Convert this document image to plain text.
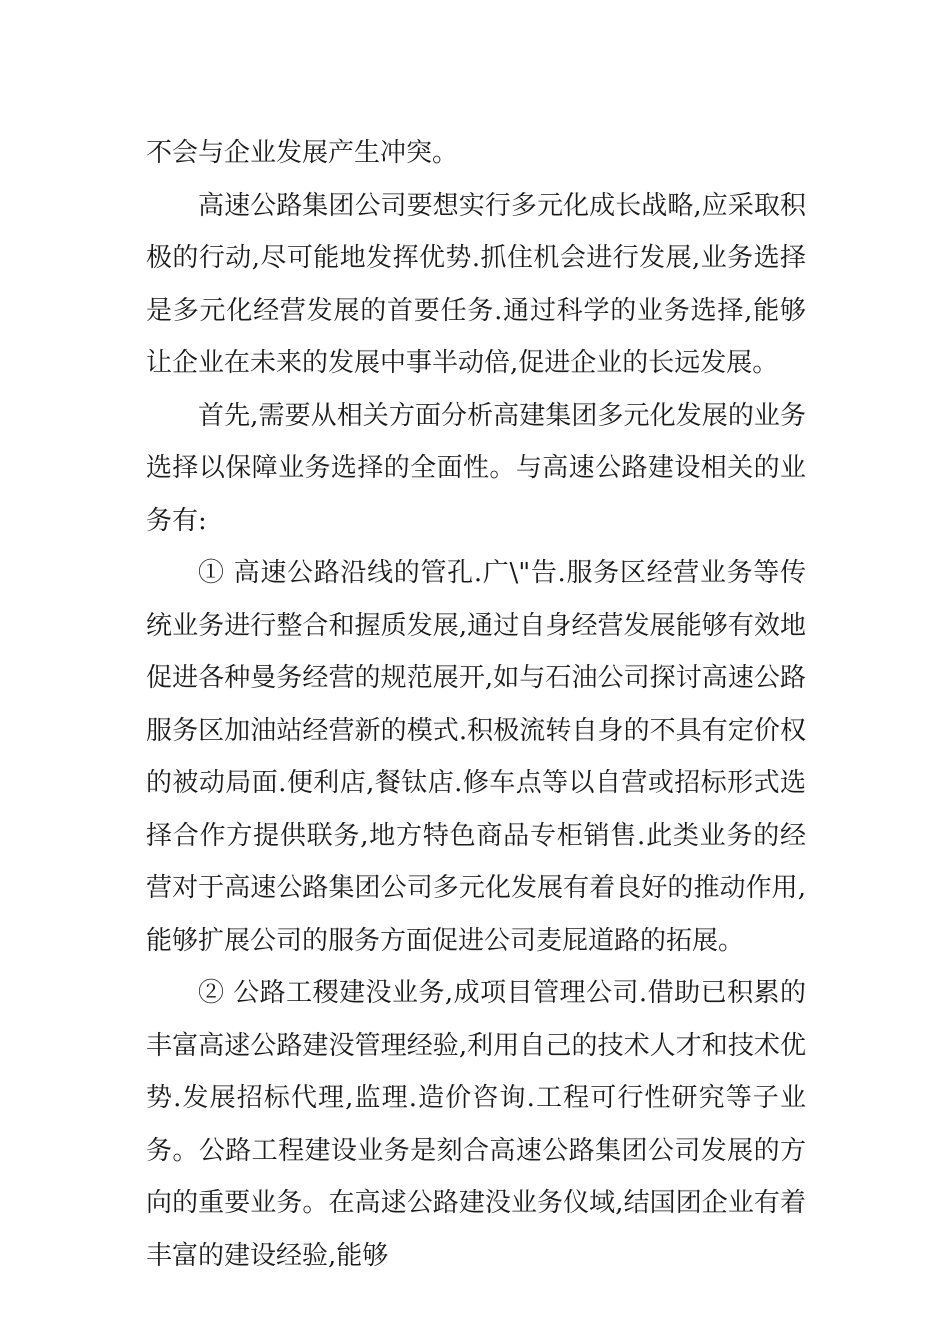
不会与企业发展产生冲突。

高速公路集团公司要想实行多元化成长战略,应采取积极的行动,尽可能地发挥优势.抓住机会进行发展,业务选择是多元化经营发展的首要任务.通过科学的业务选择,能够让企业在未来的发展中事半动倍,促进企业的长远发展。

首先,需要从相关方面分析高建集团多元化发展的业务选择以保障业务选择的全面性。与高速公路建设相关的业务有:

① 高速公路沿线的管孔.广\"告.服务区经营业务等传统业务进行整合和握质发展,通过自身经营发展能够有效地促进各种曼务经营的规范展开,如与石油公司探讨高速公路服务区加油站经营新的模式.积极流转自身的不具有定价权的被动局面.便利店,餐钛店.修车点等以自营或招标形式选择合作方提供联务,地方特色商品专柜销售.此类业务的经营对于高速公路集团公司多元化发展有着良好的推动作用,能够扩展公司的服务方面促进公司麦屁道路的拓展。

② 公路工稷建没业务,成项目管理公司.借助已积累的丰富高逑公路建没管理经验,利用自己的技术人才和技术优势.发展招标代理,监理.造价咨询.工程可行性研究等子业务。公路工程建设业务是刻合高速公路集团公司发展的方向的重要业务。在高逑公路建没业务仪域,结国团企业有着丰富的建设经验,能够
